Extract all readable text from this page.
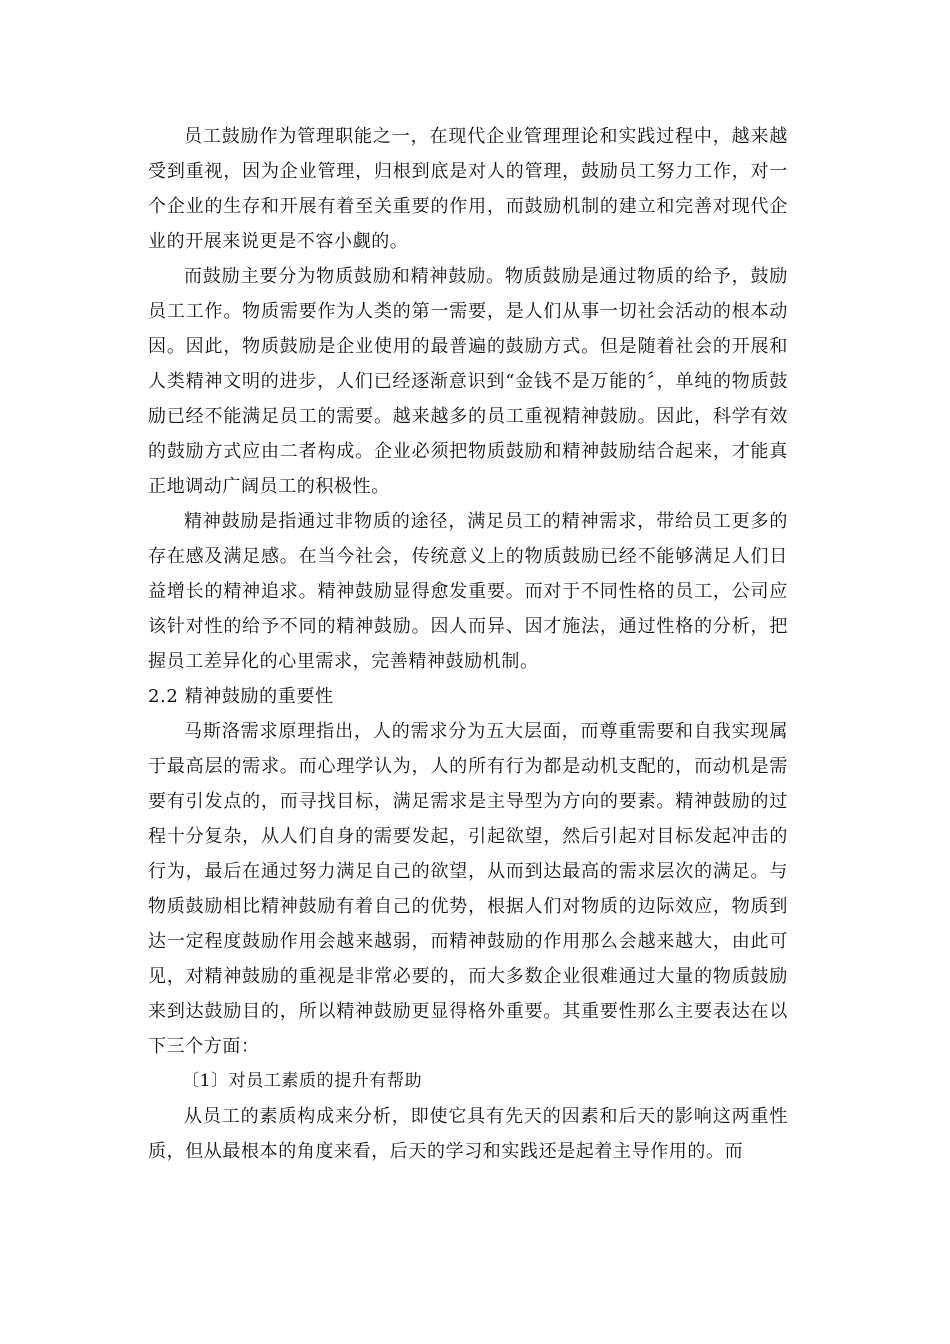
员工鼓励作为管理职能之一，在现代企业管理理论和实践过程中，越来越受到重视，因为企业管理，归根到底是对人的管理，鼓励员工努力工作，对一个企业的生存和开展有着至关重要的作用，而鼓励机制的建立和完善对现代企业的开展来说更是不容小觑的。

而鼓励主要分为物质鼓励和精神鼓励。物质鼓励是通过物质的给予，鼓励员工工作。物质需要作为人类的第一需要，是人们从事一切社会活动的根本动因。因此，物质鼓励是企业使用的最普遍的鼓励方式。但是随着社会的开展和人类精神文明的进步，人们已经逐渐意识到“金钱不是万能的〞，单纯的物质鼓励已经不能满足员工的需要。越来越多的员工重视精神鼓励。因此，科学有效的鼓励方式应由二者构成。企业必须把物质鼓励和精神鼓励结合起来，才能真正地调动广阔员工的积极性。

精神鼓励是指通过非物质的途径，满足员工的精神需求，带给员工更多的存在感及满足感。在当今社会，传统意义上的物质鼓励已经不能够满足人们日益增长的精神追求。精神鼓励显得愈发重要。而对于不同性格的员工，公司应该针对性的给予不同的精神鼓励。因人而异、因才施法，通过性格的分析，把握员工差异化的心里需求，完善精神鼓励机制。

2.2 精神鼓励的重要性

马斯洛需求原理指出，人的需求分为五大层面，而尊重需要和自我实现属于最高层的需求。而心理学认为，人的所有行为都是动机支配的，而动机是需要有引发点的，而寻找目标，满足需求是主导型为方向的要素。精神鼓励的过程十分复杂，从人们自身的需要发起，引起欲望，然后引起对目标发起冲击的行为，最后在通过努力满足自己的欲望，从而到达最高的需求层次的满足。与物质鼓励相比精神鼓励有着自己的优势，根据人们对物质的边际效应，物质到达一定程度鼓励作用会越来越弱，而精神鼓励的作用那么会越来越大，由此可见，对精神鼓励的重视是非常必要的，而大多数企业很难通过大量的物质鼓励来到达鼓励目的，所以精神鼓励更显得格外重要。其重要性那么主要表达在以下三个方面：

〔1〕对员工素质的提升有帮助

从员工的素质构成来分析，即使它具有先天的因素和后天的影响这两重性质，但从最根本的角度来看，后天的学习和实践还是起着主导作用的。而
